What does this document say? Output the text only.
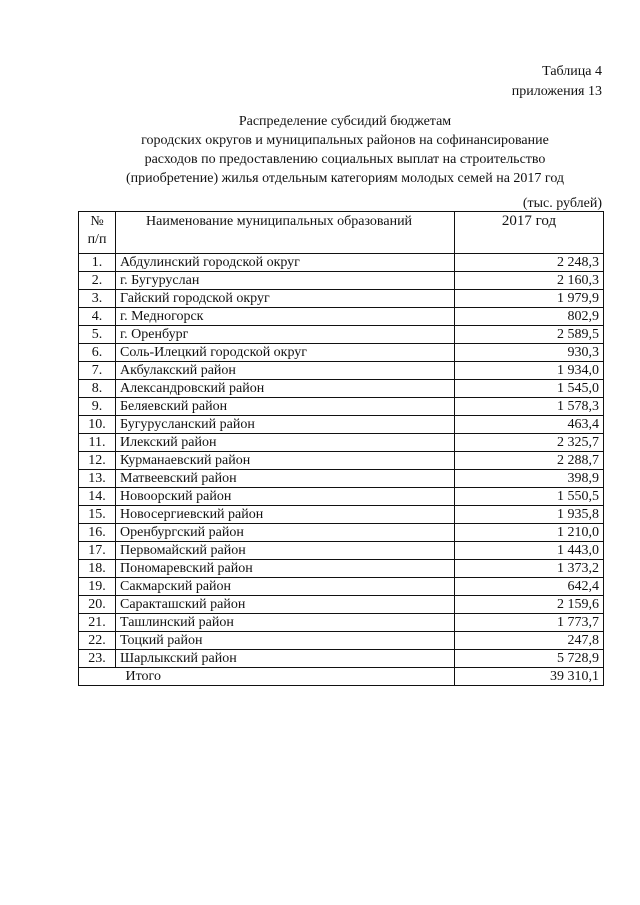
Таблица 4
приложения 13
Распределение субсидий бюджетам
городских округов и муниципальных районов на софинансирование
расходов по предоставлению социальных выплат на строительство
(приобретение) жилья отдельным категориям молодых семей на 2017 год
(тыс. рублей)
№
п/п	Наименование муниципальных образований	2017 год
1.	Абдулинский городской округ	2 248,3
2.	г. Бугуруслан	2 160,3
3.	Гайский городской округ	1 979,9
4.	г. Медногорск	802,9
5.	г. Оренбург	2 589,5
6.	Соль-Илецкий городской округ	930,3
7.	Акбулакский район	1 934,0
8.	Александровский район	1 545,0
9.	Беляевский район	1 578,3
10.	Бугурусланский район	463,4
11.	Илекский район	2 325,7
12.	Курманаевский район	2 288,7
13.	Матвеевский район	398,9
14.	Новоорский район	1 550,5
15.	Новосергиевский район	1 935,8
16.	Оренбургский район	1 210,0
17.	Первомайский район	1 443,0
18.	Пономаревский район	1 373,2
19.	Сакмарский район	642,4
20.	Саракташский район	2 159,6
21.	Ташлинский район	1 773,7
22.	Тоцкий район	247,8
23.	Шарлыкский район	5 728,9
	Итого	39 310,1
